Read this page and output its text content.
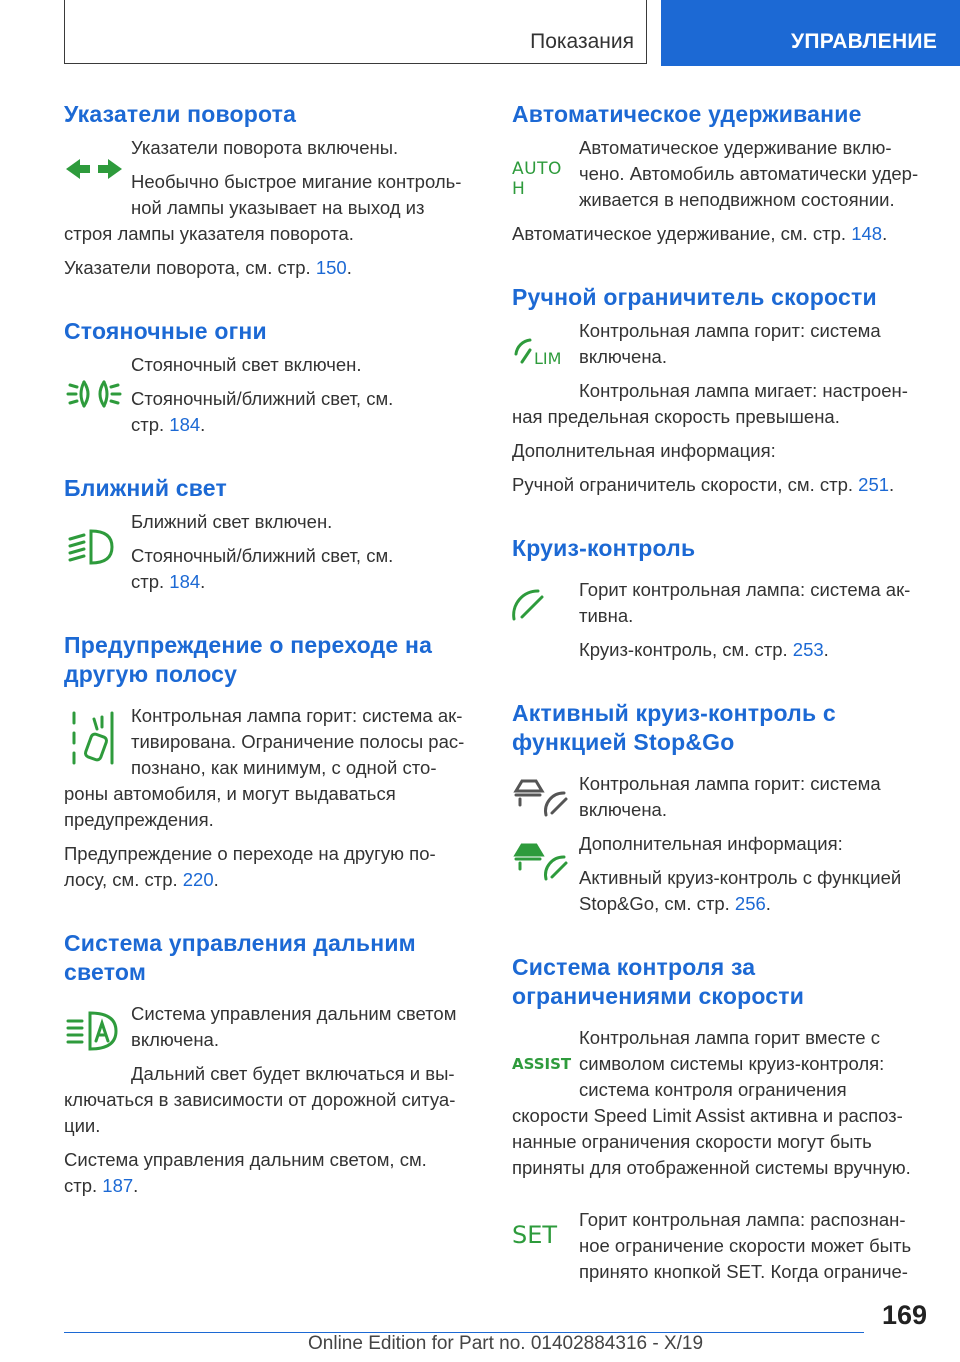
Показания	УПРАВЛЕНИЕ
Указатели поворота

Указатели поворота включены.

Необычно быстрое мигание контроль-

ной лампы указывает на выход из

строя лампы указателя поворота.

Указатели поворота, см. стр. 150.

Стояночные огни

Стояночный свет включен.

Стояночный/ближний свет, см.

стр. 184.

Ближний свет

Ближний свет включен.

Стояночный/ближний свет, см.

стр. 184.

Предупреждение о переходе на
другую полосу

Контрольная лампа горит: система ак-

тивирована. Ограничение полосы рас-

познано, как минимум, с одной сто-

роны автомобиля, и могут выдаваться

предупреждения.

Предупреждение о переходе на другую по-

лосу, см. стр. 220.

Система управления дальним
светом

Система управления дальним светом

включена.

Дальний свет будет включаться и вы-

ключаться в зависимости от дорожной ситуа-

ции.

Система управления дальним светом, см.

стр. 187.

Автоматическое удерживание
AUTO H

Автоматическое удерживание вклю-

чено. Автомобиль автоматически удер-

живается в неподвижном состоянии.

Автоматическое удерживание, см. стр. 148.

Ручной ограничитель скорости
LIM

Контрольная лампа горит: система

включена.

Контрольная лампа мигает: настроен-

ная предельная скорость превышена.

Дополнительная информация:

Ручной ограничитель скорости, см. стр. 251.

Круиз-контроль

Горит контрольная лампа: система ак-

тивна.

Круиз-контроль, см. стр. 253.

Активный круиз-контроль с
функцией Stop&Go

Контрольная лампа горит: система

включена.

Дополнительная информация:

Активный круиз-контроль с функцией

Stop&Go, см. стр. 256.

Система контроля за
ограничениями скорости
ASSIST

Контрольная лампа горит вместе с

символом системы круиз-контроля:

система контроля ограничения

скорости Speed Limit Assist активна и распоз-

нанные ограничения скорости могут быть

приняты для отображенной системы вручную.

SET

Горит контрольная лампа: распознан-

ное ограничение скорости может быть

принято кнопкой SET. Когда ограниче-

169
Online Edition for Part no. 01402884316 - X/19
